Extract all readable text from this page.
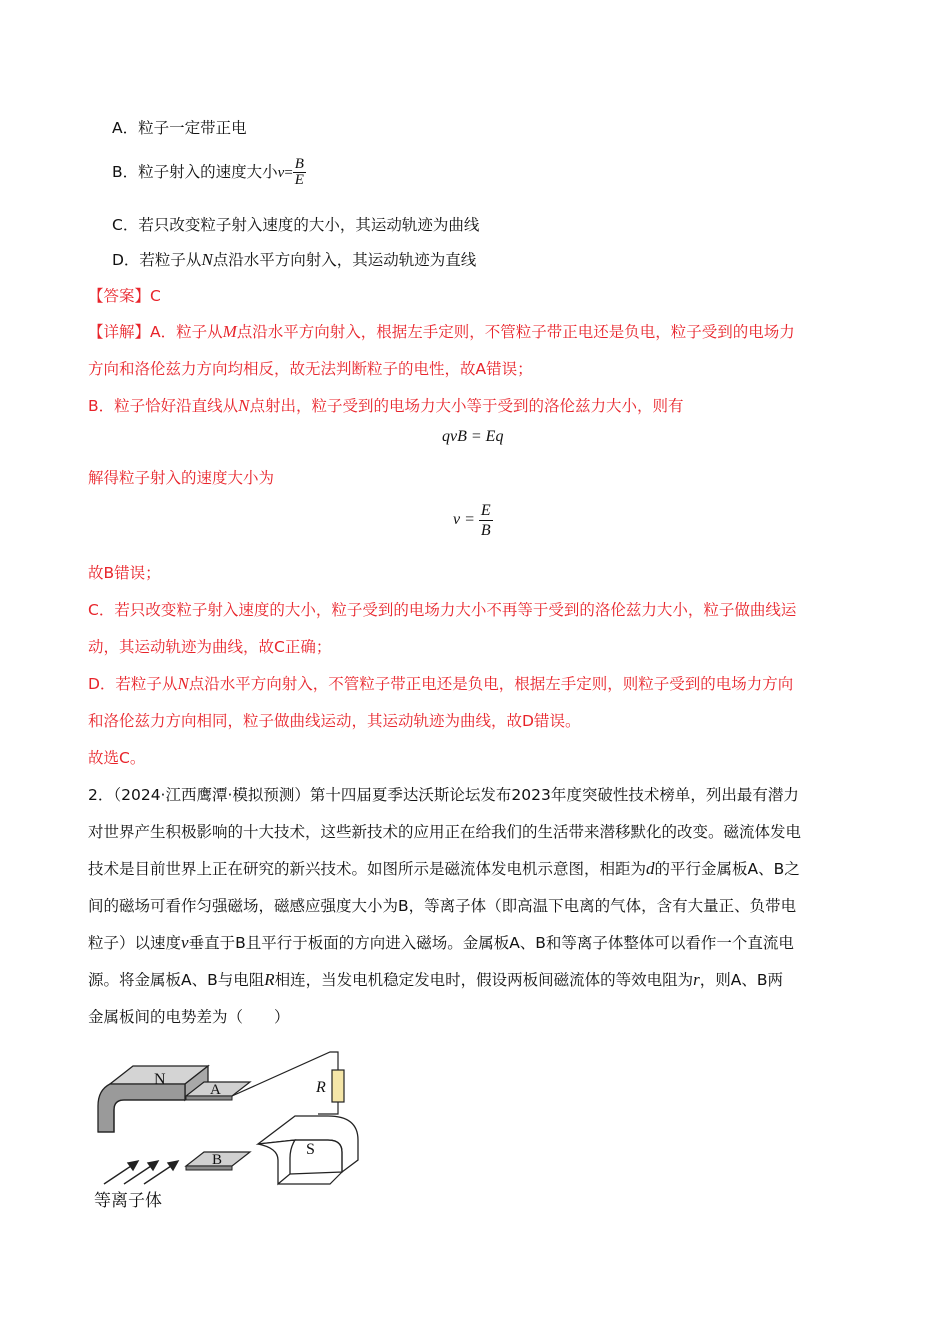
A．粒子一定带正电
B．粒子射入的速度大小$v= \frac{B}{E}$
C．若只改变粒子射入速度的大小，其运动轨迹为曲线
D．若粒子从N点沿水平方向射入，其运动轨迹为直线
【答案】C
【详解】A．粒子从M点沿水平方向射入，根据左手定则，不管粒子带正电还是负电，粒子受到的电场力
方向和洛伦兹力方向均相反，故无法判断粒子的电性，故A错误；
B．粒子恰好沿直线从N点射出，粒子受到的电场力大小等于受到的洛伦兹力大小，则有
qvB = Eq
解得粒子射入的速度大小为
$v = \frac{E}{B}$
故B错误；
C．若只改变粒子射入速度的大小，粒子受到的电场力大小不再等于受到的洛伦兹力大小，粒子做曲线运
动，其运动轨迹为曲线，故C正确；
D．若粒子从N点沿水平方向射入，不管粒子带正电还是负电，根据左手定则，则粒子受到的电场力方向
和洛伦兹力方向相同，粒子做曲线运动，其运动轨迹为曲线，故D错误。
故选C。
2．（2024·江西鹰潭·模拟预测）第十四届夏季达沃斯论坛发布2023年度突破性技术榜单，列出最有潜力
对世界产生积极影响的十大技术，这些新技术的应用正在给我们的生活带来潜移默化的改变。磁流体发电
技术是目前世界上正在研究的新兴技术。如图所示是磁流体发电机示意图，相距为d的平行金属板A、B之
间的磁场可看作匀强磁场，磁感应强度大小为B，等离子体（即高温下电离的气体，含有大量正、负带电
粒子）以速度v垂直于B且平行于板面的方向进入磁场。金属板A、B和等离子体整体可以看作一个直流电
源。将金属板A、B与电阻R相连，当发电机稳定发电时，假设两板间磁流体的等效电阻为r，则A、B两
金属板间的电势差为（　　）
N
A	R
S
B
等离子体
